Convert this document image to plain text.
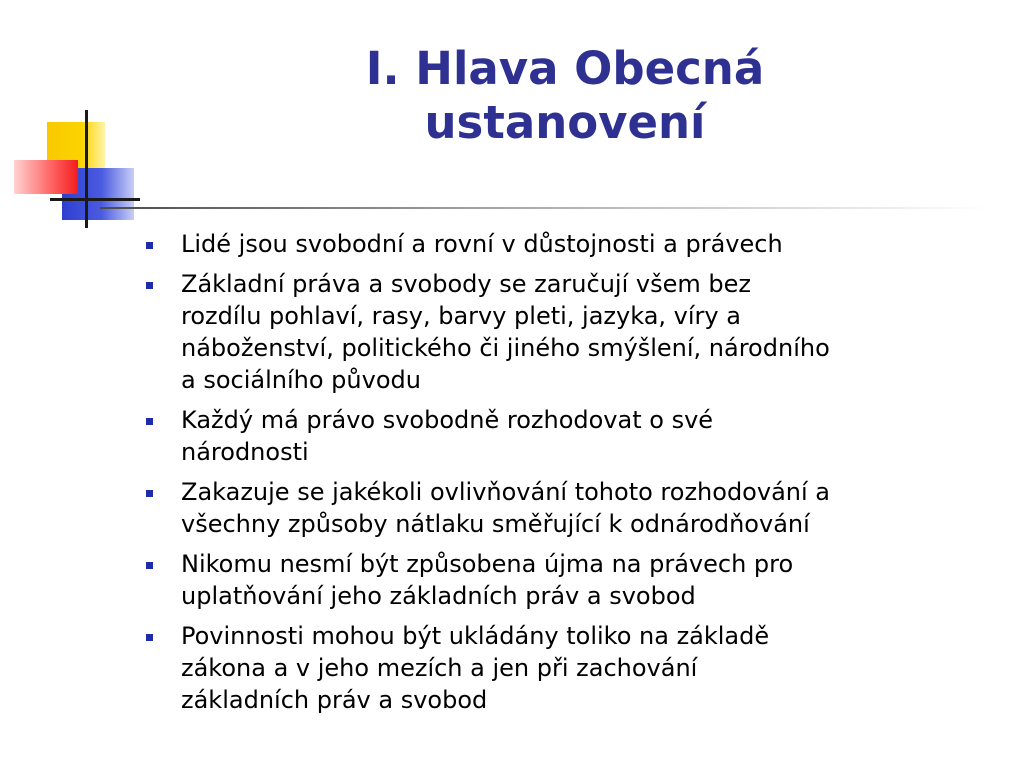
I. Hlava Obecná
ustanovení
Lidé jsou svobodní a rovní v důstojnosti a právech
Základní práva a svobody se zaručují všem bez
rozdílu pohlaví, rasy, barvy pleti, jazyka, víry a
náboženství, politického či jiného smýšlení, národního
a sociálního původu
Každý má právo svobodně rozhodovat o své
národnosti
Zakazuje se jakékoli ovlivňování tohoto rozhodování a
všechny způsoby nátlaku směřující k odnárodňování
Nikomu nesmí být způsobena újma na právech pro
uplatňování jeho základních práv a svobod
Povinnosti mohou být ukládány toliko na základě
zákona a v jeho mezích a jen při zachování
základních práv a svobod
